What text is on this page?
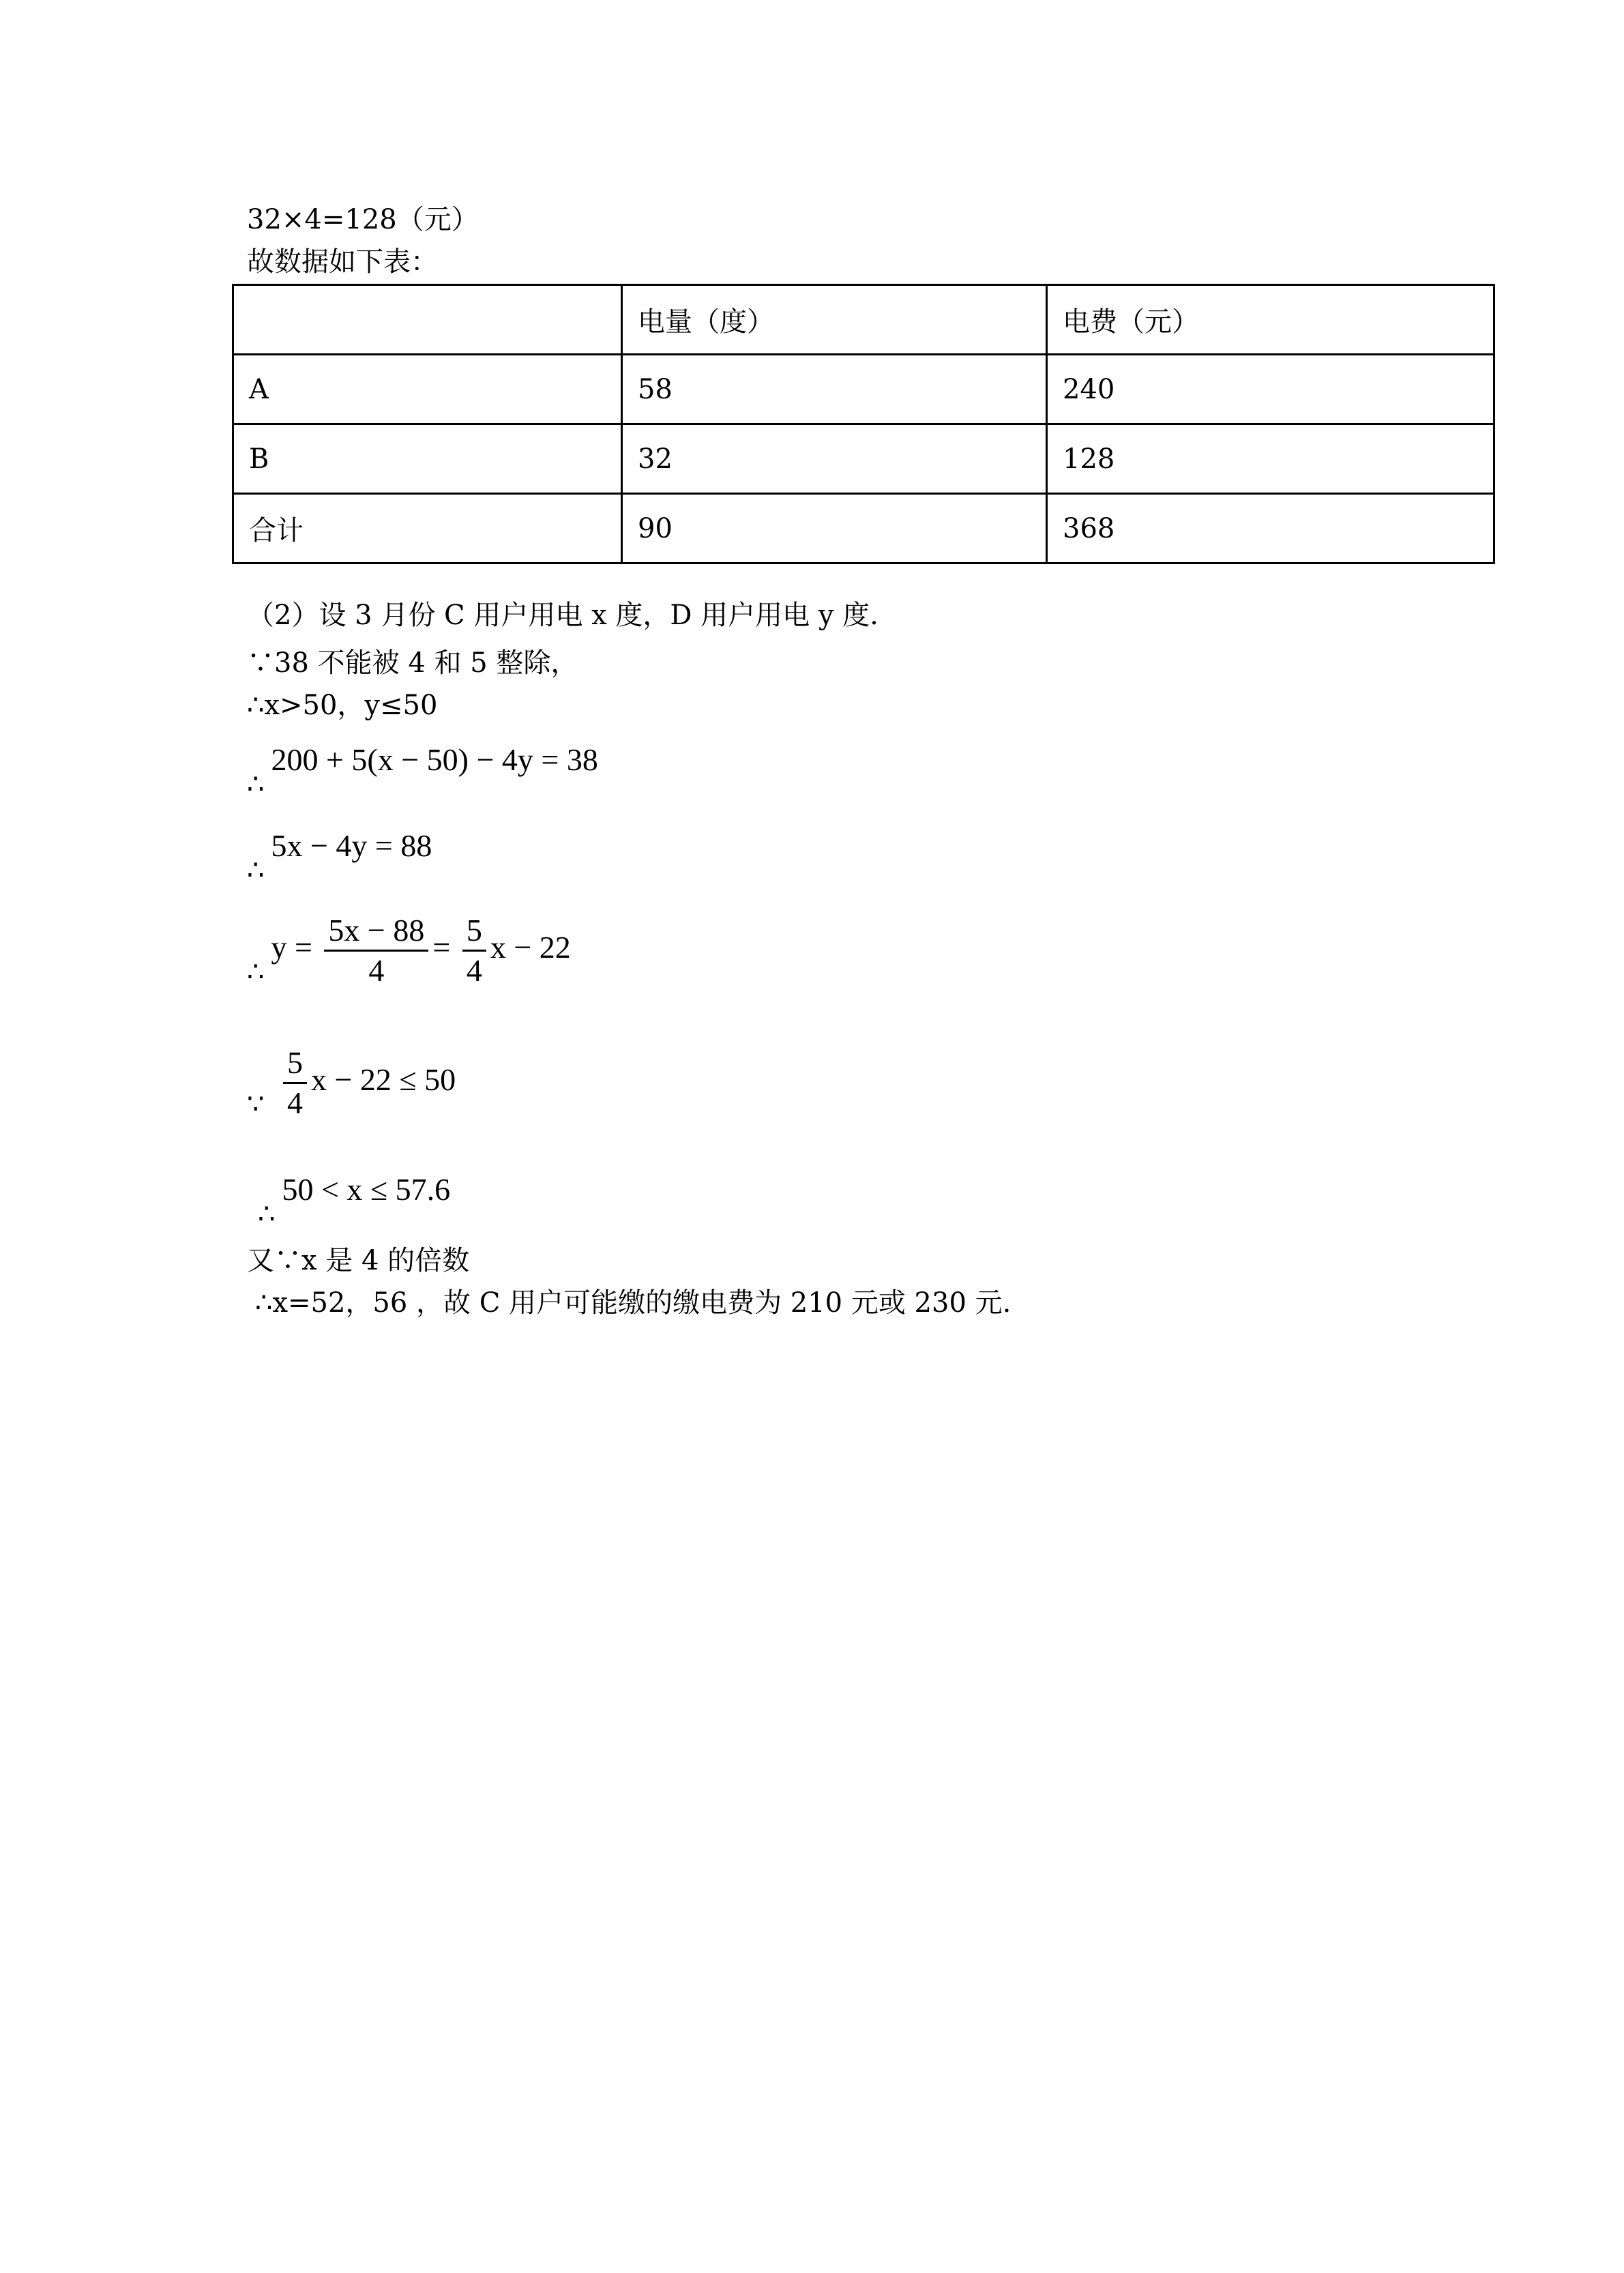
32×4=128（元）

故数据如下表：

	电量（度）	电费（元）
A	58	240
B	32	128
合计	90	368

（2）设 3 月份 C 用户用电 x 度，D 用户用电 y 度.

∵38 不能被 4 和 5 整除，

∴x>50，y≤50

∴200 + 5(x − 50) − 4y = 38
∴5x − 4y = 88
∴y = $\frac{5x - 88}{4} = \frac{5}{4}$ x − 22
∵ $\frac{5}{4}$ x − 22 ≤ 50
∴50 < x ≤ 57.6

又∵x 是 4 的倍数

∴x=52，56 ，故 C 用户可能缴的缴电费为 210 元或 230 元.
